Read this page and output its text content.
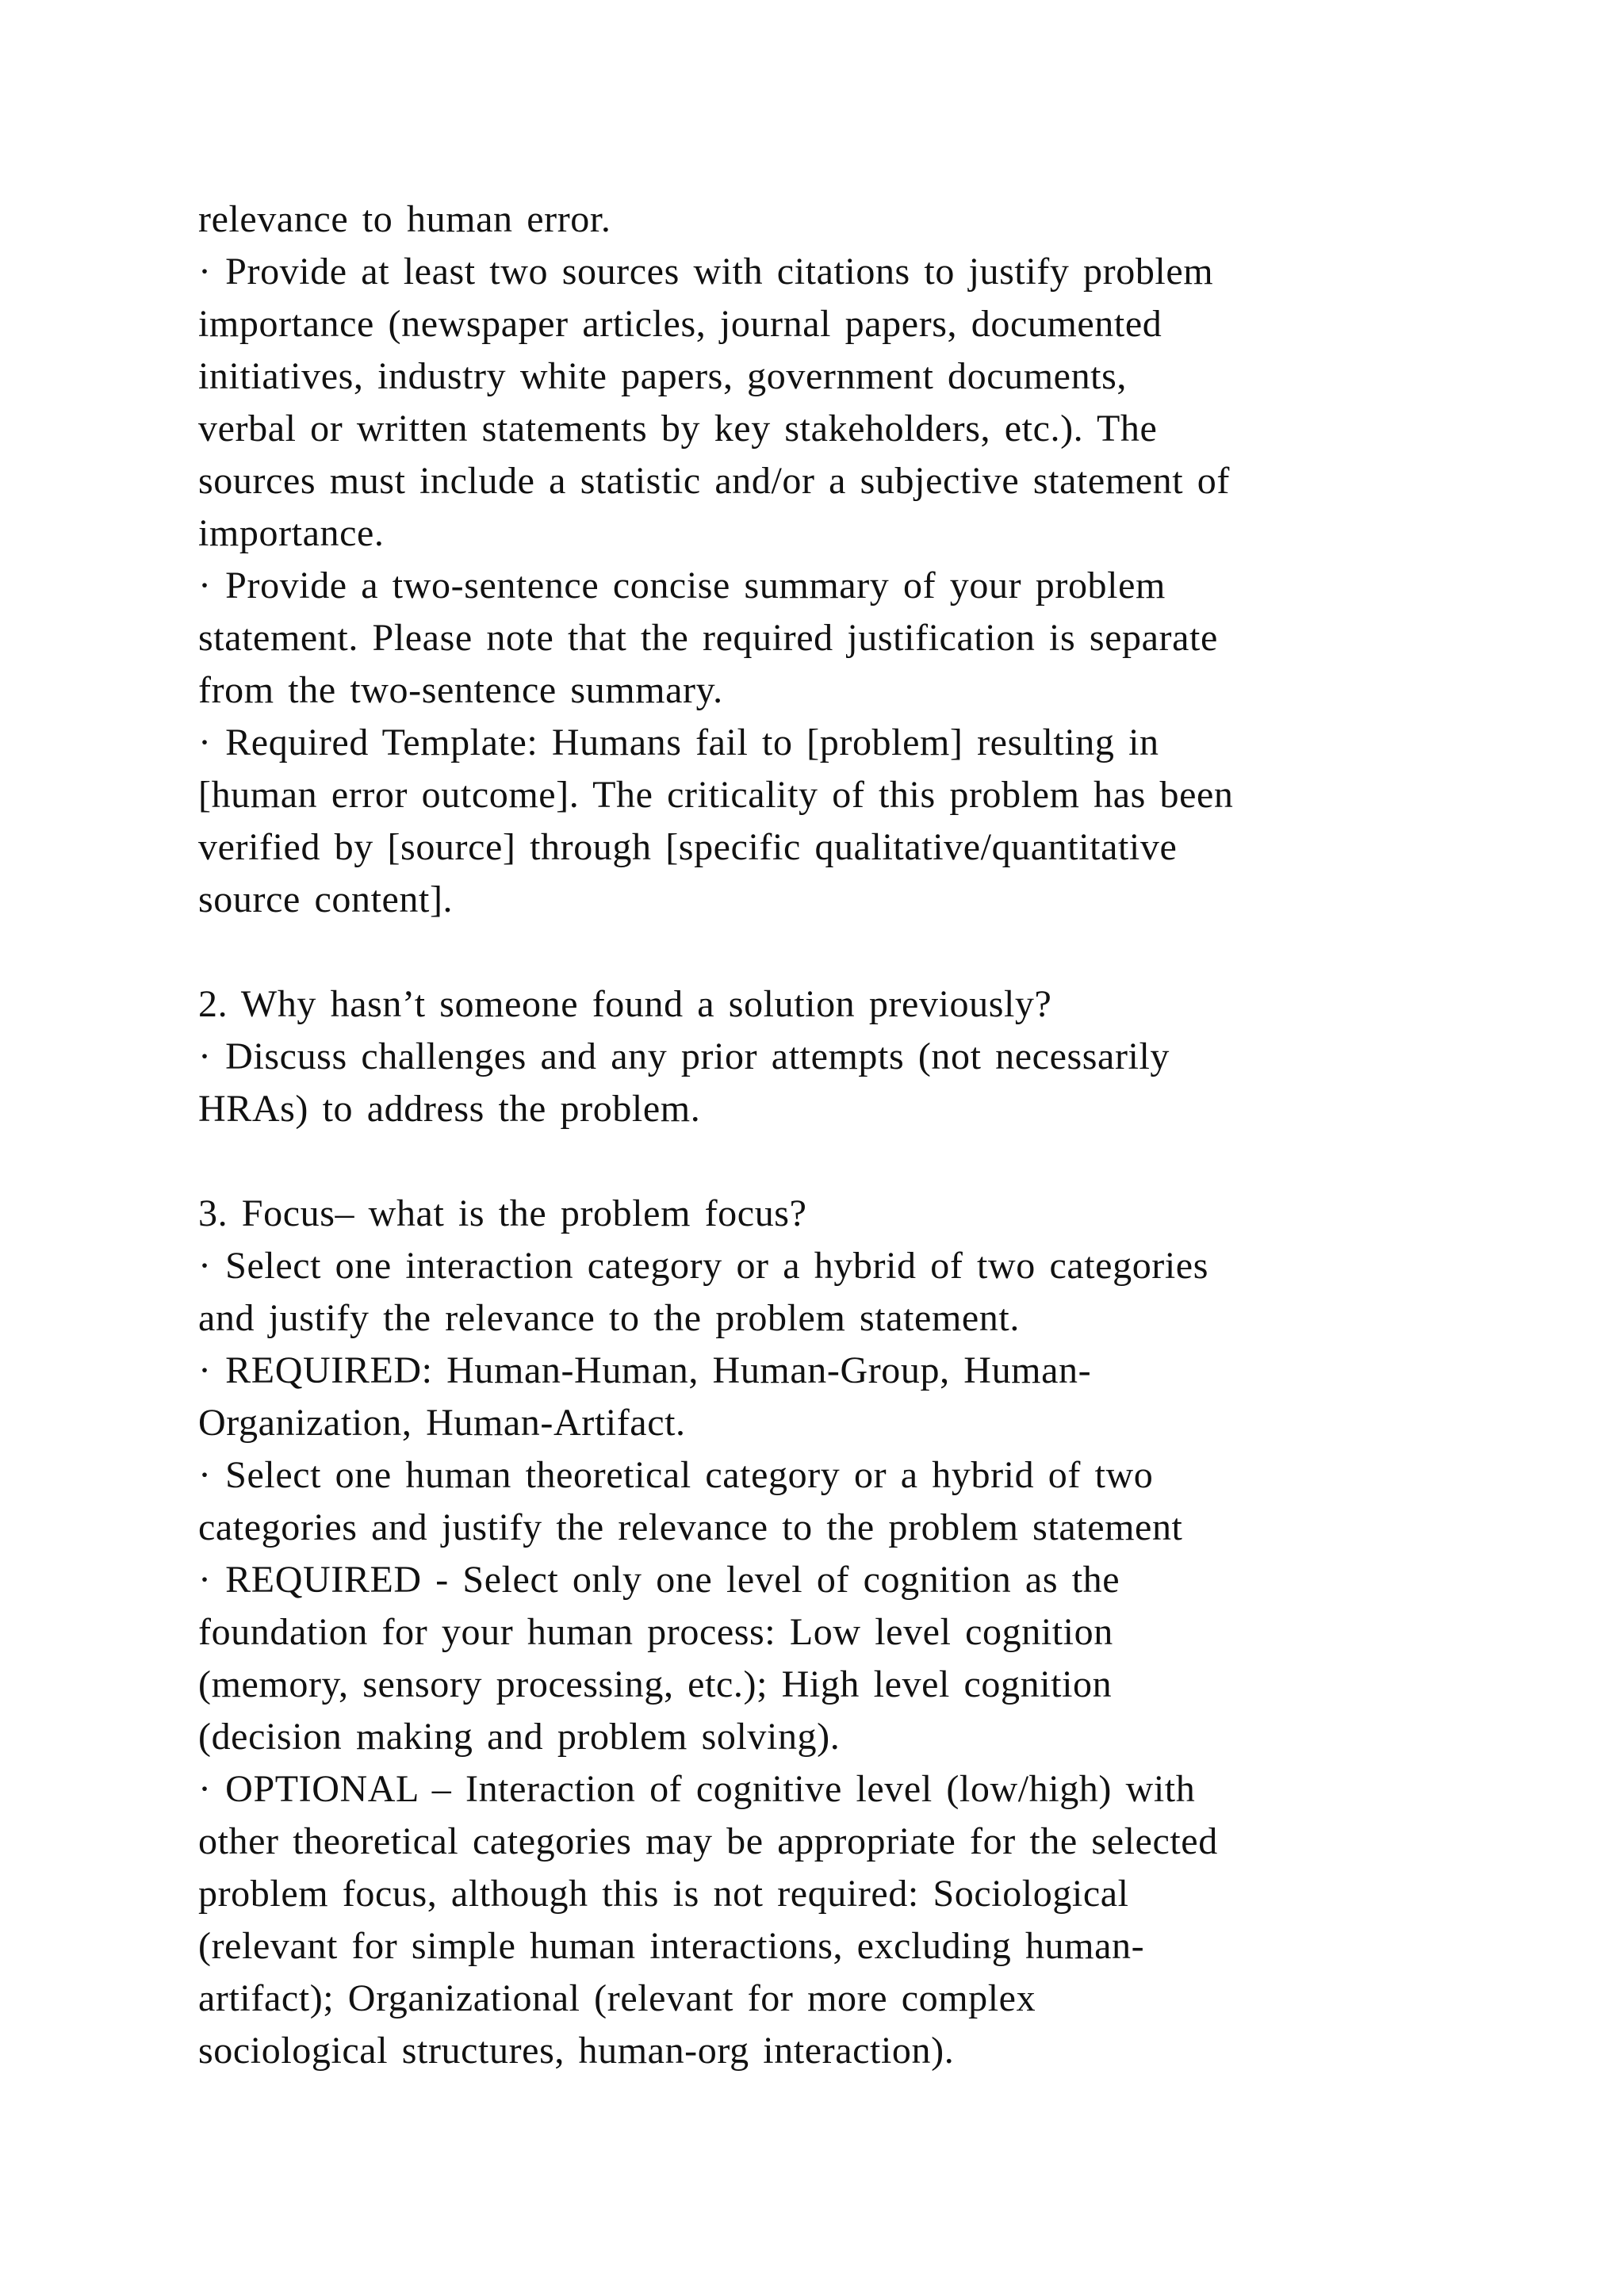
relevance to human error.
· Provide at least two sources with citations to justify problem
importance (newspaper articles, journal papers, documented
initiatives, industry white papers, government documents,
verbal or written statements by key stakeholders, etc.). The
sources must include a statistic and/or a subjective statement of
importance.
· Provide a two-sentence concise summary of your problem
statement. Please note that the required justification is separate
from the two-sentence summary.
· Required Template: Humans fail to [problem] resulting in
[human error outcome]. The criticality of this problem has been
verified by [source] through [specific qualitative/quantitative
source content].
2. Why hasn’t someone found a solution previously?
· Discuss challenges and any prior attempts (not necessarily
HRAs) to address the problem.
3. Focus– what is the problem focus?
· Select one interaction category or a hybrid of two categories
and justify the relevance to the problem statement.
· REQUIRED: Human-Human, Human-Group, Human-
Organization, Human-Artifact.
· Select one human theoretical category or a hybrid of two
categories and justify the relevance to the problem statement
· REQUIRED - Select only one level of cognition as the
foundation for your human process: Low level cognition
(memory, sensory processing, etc.); High level cognition
(decision making and problem solving).
· OPTIONAL – Interaction of cognitive level (low/high) with
other theoretical categories may be appropriate for the selected
problem focus, although this is not required: Sociological
(relevant for simple human interactions, excluding human-
artifact); Organizational (relevant for more complex
sociological structures, human-org interaction).
